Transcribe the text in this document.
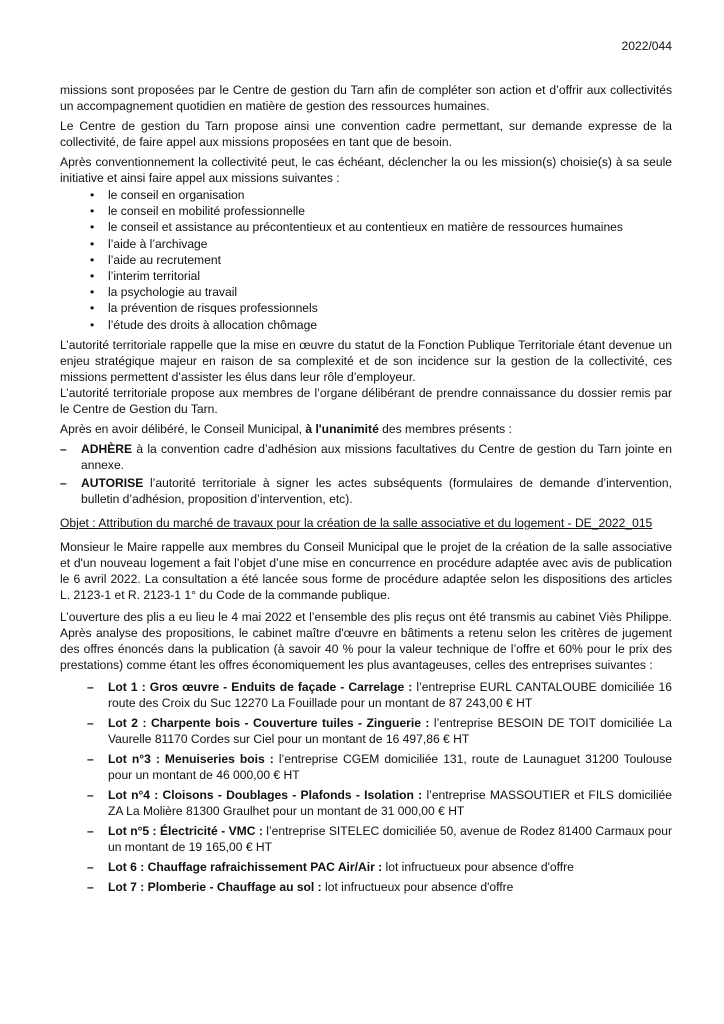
2022/044

missions sont proposées par le Centre de gestion du Tarn afin de compléter son action et d’offrir aux collectivités un accompagnement quotidien en matière de gestion des ressources humaines.

Le Centre de gestion du Tarn propose ainsi une convention cadre permettant, sur demande expresse de la collectivité, de faire appel aux missions proposées en tant que de besoin.

Après conventionnement la collectivité peut, le cas échéant, déclencher la ou les mission(s) choisie(s) à sa seule initiative et ainsi faire appel aux missions suivantes :

• le conseil en organisation
• le conseil en mobilité professionnelle
• le conseil et assistance au précontentieux et au contentieux en matière de ressources humaines
• l’aide à l’archivage
• l’aide au recrutement
• l’interim territorial
• la psychologie au travail
• la prévention de risques professionnels
• l’étude des droits à allocation chômage

L’autorité territoriale rappelle que la mise en œuvre du statut de la Fonction Publique Territoriale étant devenue un enjeu stratégique majeur en raison de sa complexité et de son incidence sur la gestion de la collectivité, ces missions permettent d’assister les élus dans leur rôle d’employeur.

L’autorité territoriale propose aux membres de l’organe délibérant de prendre connaissance du dossier remis par le Centre de Gestion du Tarn.

Après en avoir délibéré, le Conseil Municipal, à l'unanimité des membres présents :

– ADHÈRE à la convention cadre d’adhésion aux missions facultatives du Centre de gestion du Tarn jointe en annexe.
– AUTORISE l’autorité territoriale à signer les actes subséquents (formulaires de demande d’intervention, bulletin d’adhésion, proposition d’intervention, etc).

Objet : Attribution du marché de travaux pour la création de la salle associative et du logement - DE_2022_015

Monsieur le Maire rappelle aux membres du Conseil Municipal que le projet de la création de la salle associative et d'un nouveau logement a fait l’objet d’une mise en concurrence en procédure adaptée avec avis de publication le 6 avril 2022. La consultation a été lancée sous forme de procédure adaptée selon les dispositions des articles L. 2123-1 et R. 2123-1 1° du Code de la commande publique.

L’ouverture des plis a eu lieu le 4 mai 2022 et l’ensemble des plis reçus ont été transmis au cabinet Viès Philippe. Après analyse des propositions, le cabinet maître d'œuvre en bâtiments a retenu selon les critères de jugement des offres énoncés dans la publication (à savoir 40 % pour la valeur technique de l’offre et 60% pour le prix des prestations) comme étant les offres économiquement les plus avantageuses, celles des entreprises suivantes :

– Lot 1 : Gros œuvre - Enduits de façade - Carrelage : l’entreprise EURL CANTALOUBE domiciliée 16 route des Croix du Suc 12270 La Fouillade pour un montant de 87 243,00 € HT
– Lot 2 : Charpente bois - Couverture tuiles - Zinguerie : l’entreprise BESOIN DE TOIT domiciliée La Vaurelle 81170 Cordes sur Ciel pour un montant de 16 497,86 € HT
– Lot n°3 : Menuiseries bois : l’entreprise CGEM domiciliée 131, route de Launaguet 31200 Toulouse pour un montant de 46 000,00 € HT
– Lot n°4 : Cloisons - Doublages - Plafonds - Isolation : l’entreprise MASSOUTIER et FILS domiciliée ZA La Molière 81300 Graulhet pour un montant de 31 000,00 € HT
– Lot n°5 : Électricité - VMC : l’entreprise SITELEC domiciliée 50, avenue de Rodez 81400 Carmaux pour un montant de 19 165,00 € HT
– Lot 6 : Chauffage rafraichissement PAC Air/Air : lot infructueux pour absence d'offre
– Lot 7 : Plomberie - Chauffage au sol : lot infructueux pour absence d'offre
